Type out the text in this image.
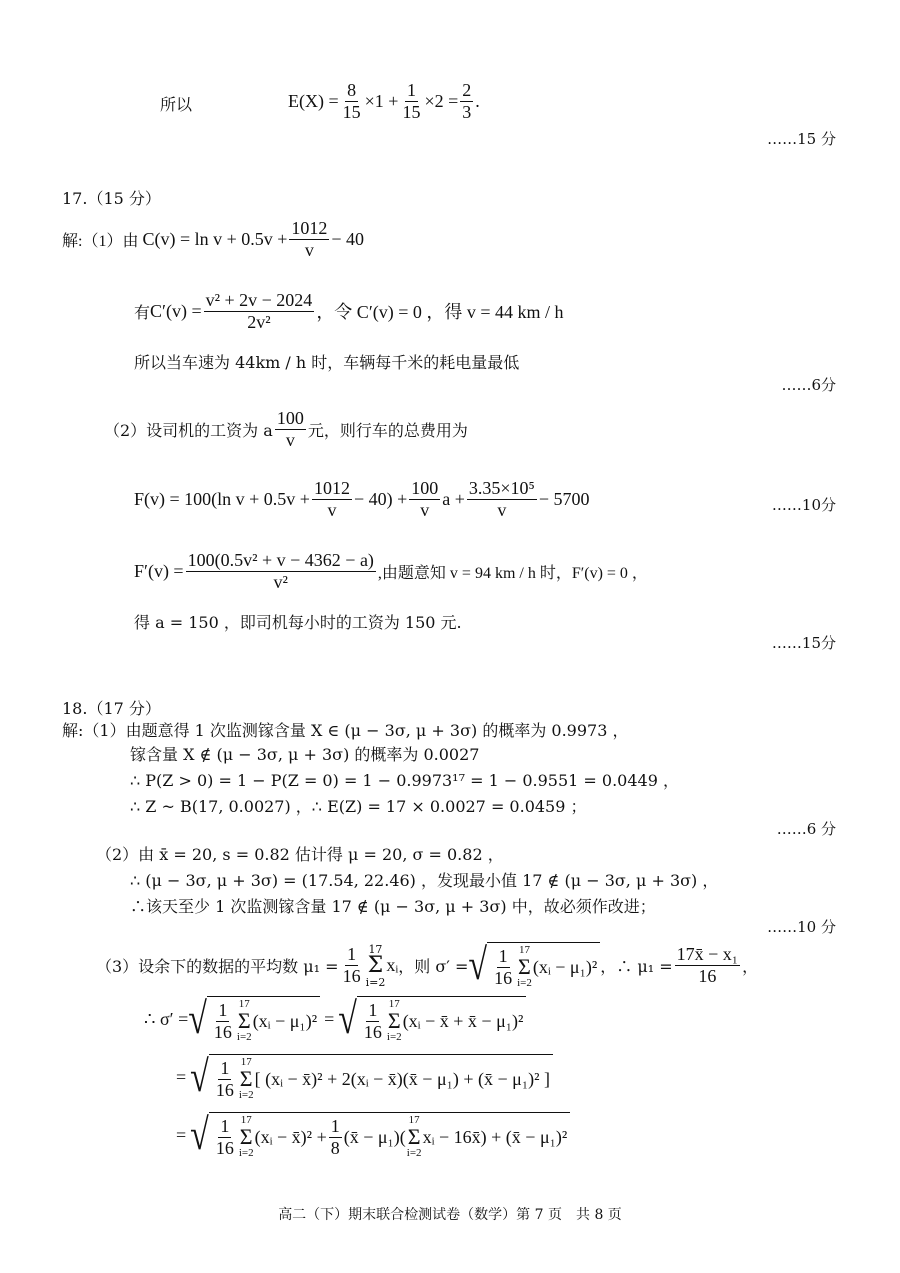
所以	$E(X) = \frac{8}{15} \times 1 + \frac{1}{15} \times 2 = \frac{2}{3}$ .
……15 分
17.（15 分）
解:（1）由 $C(v) = \ln v + 0.5v + \frac{1012}{v} - 40$
有 $C'(v) = \frac{\text{v² + 2v − 2024}}{\text{2v²}}$ ，令 C′(v) = 0 ，得 v = 44 km / h
所以当车速为 44km / h 时，车辆每千米的耗电量最低
……6分
（2）设司机的工资为 a $\frac{100}{v}$ 元，则行车的总费用为
F(v) = 100(ln $v + 0.5v + \frac{1012}{v} - 40) + \frac{100}{v}$ $a + \frac{\text{3.35×10⁵}}{v} - 5700$	……10分
$F'(v) = \frac{\text{100(0.5v² + v − 4362 − a)}}{\text{v²}}$ ,由题意知 v = 94 km / h 时，F′(v) = 0 ，
得 a = 150 ，即司机每小时的工资为 150 元.
……15分
18.（17 分）
解:（1）由题意得 1 次监测镓含量 X ∈ (μ − 3σ, μ + 3σ) 的概率为 0.9973 ，
镓含量 X ∉ (μ − 3σ, μ + 3σ) 的概率为 0.0027
∴ P(Z > 0) = 1 − P(Z = 0) = 1 − 0.9973¹⁷ = 1 − 0.9551 = 0.0449 ，
∴ Z ~ B(17, 0.0027) ，∴ E(Z) = 17 × 0.0027 = 0.0459 ；
……6 分
（2）由 x̄ = 20, s = 0.82 估计得 μ = 20, σ = 0.82 ，
∴ (μ − 3σ, μ + 3σ) = (17.54, 22.46) ，发现最小值 17 ∉ (μ − 3σ, μ + 3σ) ，
∴该天至少 1 次监测镓含量 17 ∉ (μ − 3σ, μ + 3σ) 中，故必须作改进；
……10 分
（3）设余下的数据的平均数 $\mu_1 = \frac{1}{16} 17$
Σ
i=2
xᵢ ，则 σ′ = √ $\frac{1}{16} 17$
Σ
i=2
(xᵢ − μ₁)² ，∴ $\mu_1 = \frac{\text{17x̄ − x₁}}{16}$ ，
∴ σ′ = √ $\frac{1}{16} 17$
Σ
i=2
(xᵢ − μ₁)² = √ $\frac{1}{16} 17$
Σ
i=2
(xᵢ − x̄ + x̄ − μ₁)²
= √ $\frac{1}{16} 17$
Σ
i=2
[ (xᵢ − x̄)² + 2(xᵢ − x̄)(x̄ − μ₁) + (x̄ − μ₁)² ]
= √ $\frac{1}{16} 17$
Σ
i=2
(xᵢ − x̄)² + $\frac{1}{8}$ (x̄ − μ₁)(
17
Σ
i=2
xᵢ − 16x̄) + (x̄ − μ₁)²
高二（下）期末联合检测试卷（数学）第 7 页　共 8 页
